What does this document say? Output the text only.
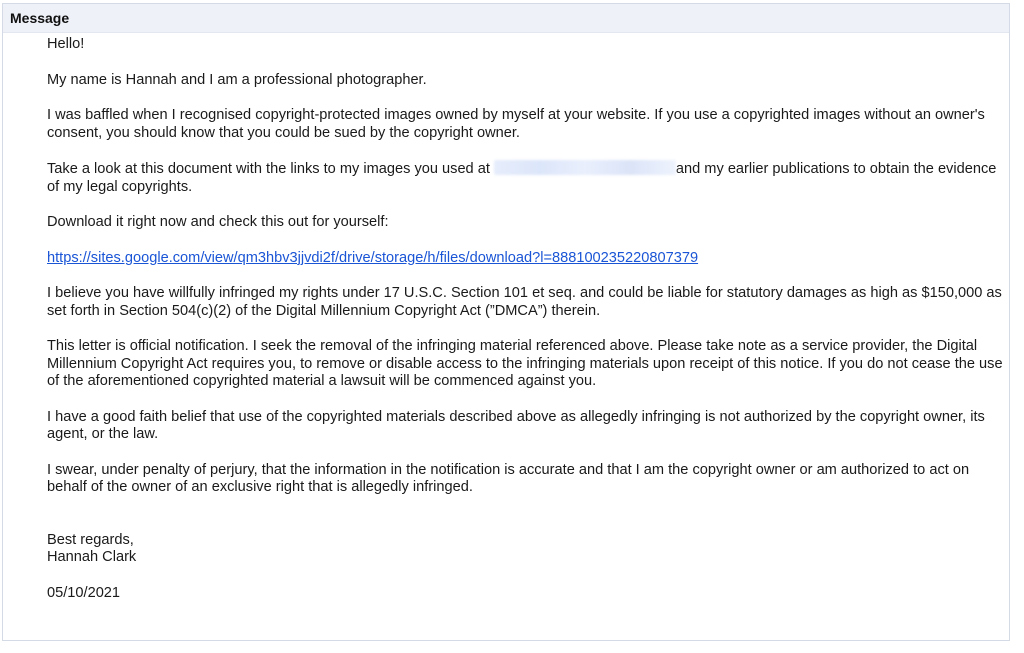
Message

Hello!

My name is Hannah and I am a professional photographer.

I was baffled when I recognised copyright-protected images owned by myself at your website. If you use a copyrighted images without an owner's consent, you should know that you could be sued by the copyright owner.

Take a look at this document with the links to my images you used at	and my earlier publications to obtain the evidence of my legal copyrights.

Download it right now and check this out for yourself:

https://sites.google.com/view/qm3hbv3jjvdi2f/drive/storage/h/files/download?l=888100235220807379

I believe you have willfully infringed my rights under 17 U.S.C. Section 101 et seq. and could be liable for statutory damages as high as $150,000 as set forth in Section 504(c)(2) of the Digital Millennium Copyright Act (”DMCA”) therein.

This letter is official notification. I seek the removal of the infringing material referenced above. Please take note as a service provider, the Digital Millennium Copyright Act requires you, to remove or disable access to the infringing materials upon receipt of this notice. If you do not cease the use of the aforementioned copyrighted material a lawsuit will be commenced against you.

I have a good faith belief that use of the copyrighted materials described above as allegedly infringing is not authorized by the copyright owner, its agent, or the law.

I swear, under penalty of perjury, that the information in the notification is accurate and that I am the copyright owner or am authorized to act on behalf of the owner of an exclusive right that is allegedly infringed.

Best regards,

Hannah Clark

05/10/2021
